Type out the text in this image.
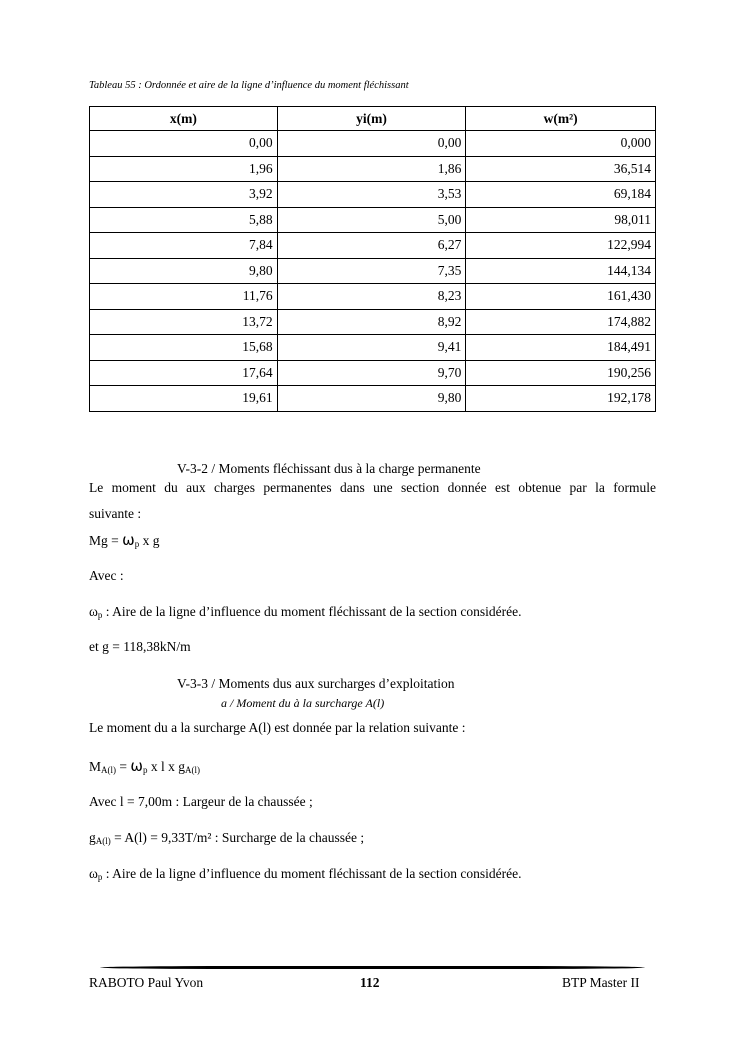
Tableau 55 : Ordonnée et aire de la ligne d’influence du moment fléchissant
x(m)	yi(m)	w(m²)
0,00	0,00	0,000
1,96	1,86	36,514
3,92	3,53	69,184
5,88	5,00	98,011
7,84	6,27	122,994
9,80	7,35	144,134
11,76	8,23	161,430
13,72	8,92	174,882
15,68	9,41	184,491
17,64	9,70	190,256
19,61	9,80	192,178
V-3-2 / Moments fléchissant dus à la charge permanente
Le moment du aux charges permanentes dans une section donnée est obtenue par la formule
suivante :
$Mg = \omega_p$ x g
Avec :
$\omega_p$ : Aire de la ligne d’influence du moment fléchissant de la section considérée.
et g = 118,38kN/m
V-3-3 / Moments dus aux surcharges d’exploitation
a / Moment du à la surcharge A(l)
Le moment du a la surcharge A(l) est donnée par la relation suivante :
$M_{A(l)} = \omega_p$ x l x $g_{A(l)}$
Avec l = 7,00m : Largeur de la chaussée ;
$g_{A(l)} = A(l) = 9,33T/m^2$ : Surcharge de la chaussée ;
$\omega_p$ : Aire de la ligne d’influence du moment fléchissant de la section considérée.
RABOTO Paul Yvon	112	BTP Master II
